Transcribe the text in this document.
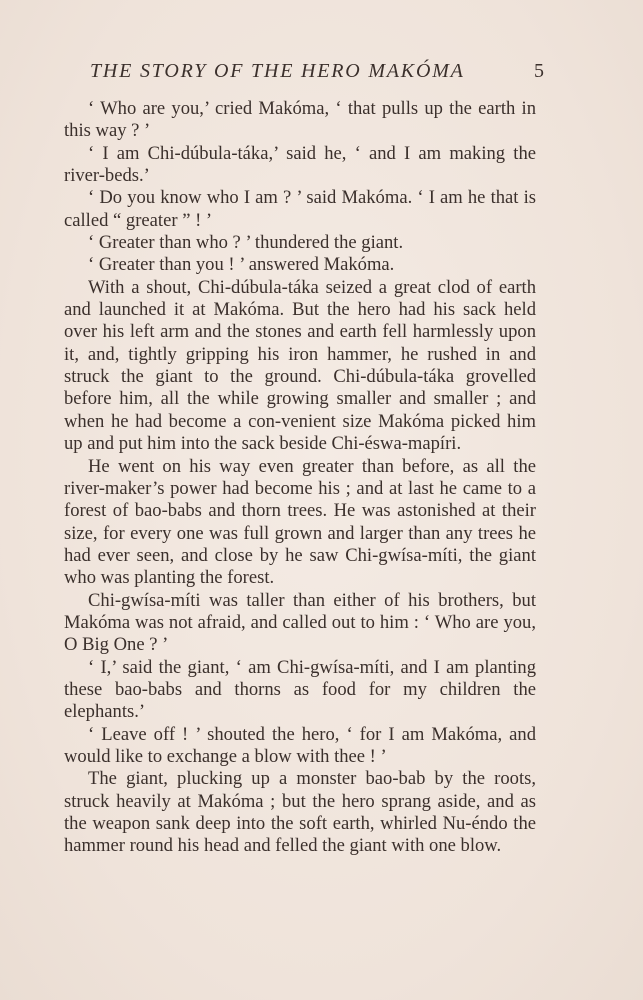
THE STORY OF THE HERO MAKÓMA	5

‘ Who are you,’ cried Makóma, ‘ that pulls up the earth in this way ? ’

‘ I am Chi-dúbula-táka,’ said he, ‘ and I am making the river-beds.’

‘ Do you know who I am ? ’ said Makóma. ‘ I am he that is called “ greater ” ! ’

‘ Greater than who ? ’ thundered the giant.

‘ Greater than you ! ’ answered Makóma.

With a shout, Chi-dúbula-táka seized a great clod of earth and launched it at Makóma. But the hero had his sack held over his left arm and the stones and earth fell harmlessly upon it, and, tightly gripping his iron hammer, he rushed in and struck the giant to the ground. Chi-dúbula-táka grovelled before him, all the while growing smaller and smaller ; and when he had become a con-venient size Makóma picked him up and put him into the sack beside Chi-éswa-mapíri.

He went on his way even greater than before, as all the river-maker’s power had become his ; and at last he came to a forest of bao-babs and thorn trees. He was astonished at their size, for every one was full grown and larger than any trees he had ever seen, and close by he saw Chi-gwísa-míti, the giant who was planting the forest.

Chi-gwísa-míti was taller than either of his brothers, but Makóma was not afraid, and called out to him : ‘ Who are you, O Big One ? ’

‘ I,’ said the giant, ‘ am Chi-gwísa-míti, and I am planting these bao-babs and thorns as food for my children the elephants.’

‘ Leave off ! ’ shouted the hero, ‘ for I am Makóma, and would like to exchange a blow with thee ! ’

The giant, plucking up a monster bao-bab by the roots, struck heavily at Makóma ; but the hero sprang aside, and as the weapon sank deep into the soft earth, whirled Nu-éndo the hammer round his head and felled the giant with one blow.
